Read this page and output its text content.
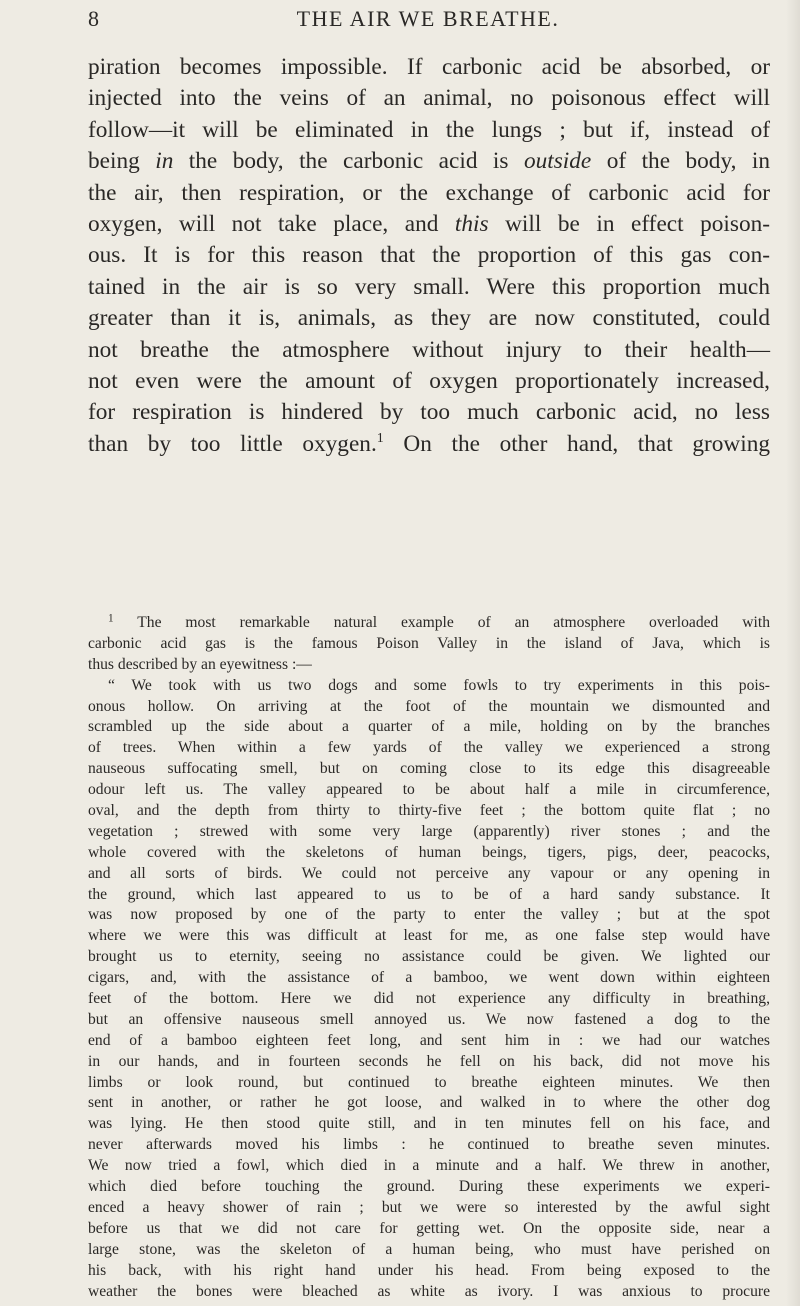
8	THE AIR WE BREATHE.
piration becomes impossible. If carbonic acid be absorbed, or
injected into the veins of an animal, no poisonous effect will
follow—it will be eliminated in the lungs ; but if, instead of
being in the body, the carbonic acid is outside of the body, in
the air, then respiration, or the exchange of carbonic acid for
oxygen, will not take place, and this will be in effect poison-
ous. It is for this reason that the proportion of this gas con-
tained in the air is so very small. Were this proportion much
greater than it is, animals, as they are now constituted, could
not breathe the atmosphere without injury to their health—
not even were the amount of oxygen proportionately increased,
for respiration is hindered by too much carbonic acid, no less
than by too little oxygen.$^1$ On the other hand, that growing
$^1$ The most remarkable natural example of an atmosphere overloaded with
carbonic acid gas is the famous Poison Valley in the island of Java, which is
thus described by an eyewitness :—
“ We took with us two dogs and some fowls to try experiments in this pois-
onous hollow. On arriving at the foot of the mountain we dismounted and
scrambled up the side about a quarter of a mile, holding on by the branches
of trees. When within a few yards of the valley we experienced a strong
nauseous suffocating smell, but on coming close to its edge this disagreeable
odour left us. The valley appeared to be about half a mile in circumference,
oval, and the depth from thirty to thirty-five feet ; the bottom quite flat ; no
vegetation ; strewed with some very large (apparently) river stones ; and the
whole covered with the skeletons of human beings, tigers, pigs, deer, peacocks,
and all sorts of birds. We could not perceive any vapour or any opening in
the ground, which last appeared to us to be of a hard sandy substance. It
was now proposed by one of the party to enter the valley ; but at the spot
where we were this was difficult at least for me, as one false step would have
brought us to eternity, seeing no assistance could be given. We lighted our
cigars, and, with the assistance of a bamboo, we went down within eighteen
feet of the bottom. Here we did not experience any difficulty in breathing,
but an offensive nauseous smell annoyed us. We now fastened a dog to the
end of a bamboo eighteen feet long, and sent him in : we had our watches
in our hands, and in fourteen seconds he fell on his back, did not move his
limbs or look round, but continued to breathe eighteen minutes. We then
sent in another, or rather he got loose, and walked in to where the other dog
was lying. He then stood quite still, and in ten minutes fell on his face, and
never afterwards moved his limbs : he continued to breathe seven minutes.
We now tried a fowl, which died in a minute and a half. We threw in another,
which died before touching the ground. During these experiments we experi-
enced a heavy shower of rain ; but we were so interested by the awful sight
before us that we did not care for getting wet. On the opposite side, near a
large stone, was the skeleton of a human being, who must have perished on
his back, with his right hand under his head. From being exposed to the
weather the bones were bleached as white as ivory. I was anxious to procure
